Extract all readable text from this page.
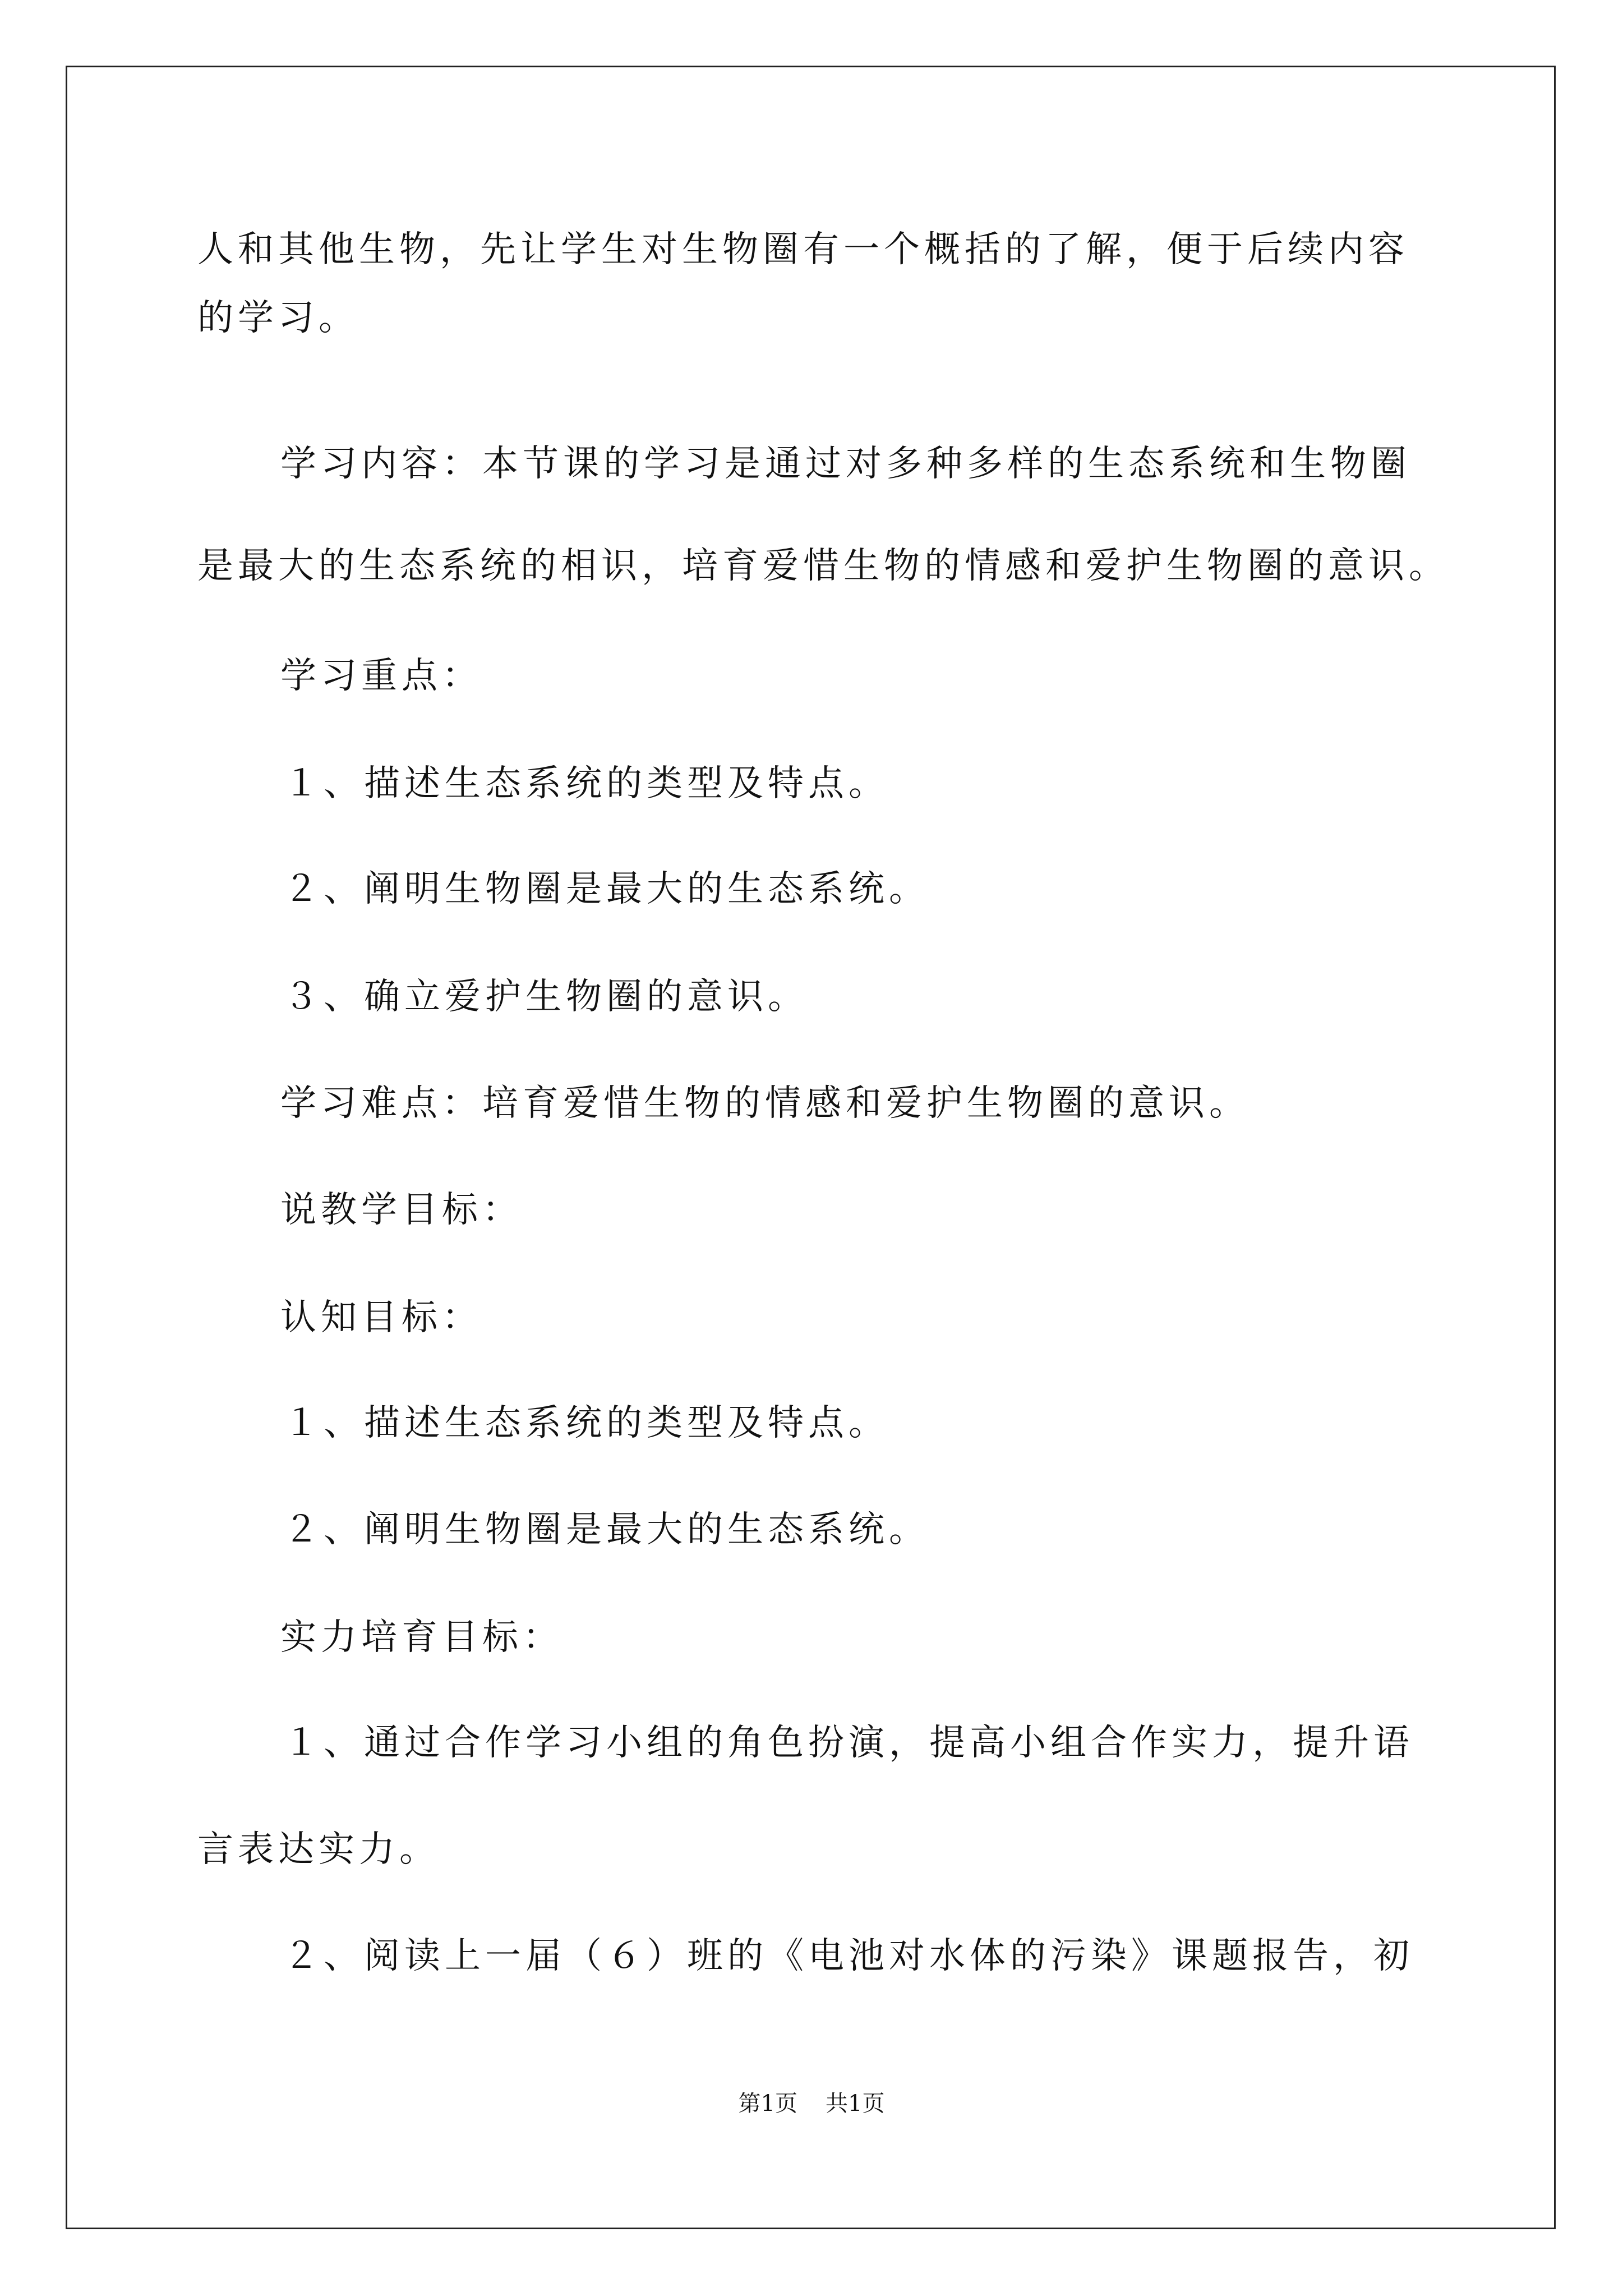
人和其他生物，先让学生对生物圈有一个概括的了解，便于后续内容
的学习。
学习内容：本节课的学习是通过对多种多样的生态系统和生物圈
是最大的生态系统的相识，培育爱惜生物的情感和爱护生物圈的意识。
学习重点：
１、描述生态系统的类型及特点。
２、阐明生物圈是最大的生态系统。
３、确立爱护生物圈的意识。
学习难点：培育爱惜生物的情感和爱护生物圈的意识。
说教学目标：
认知目标：
１、描述生态系统的类型及特点。
２、阐明生物圈是最大的生态系统。
实力培育目标：
１、通过合作学习小组的角色扮演，提高小组合作实力，提升语
言表达实力。
２、阅读上一届（６）班的《电池对水体的污染》课题报告，初
第1页 共1页
